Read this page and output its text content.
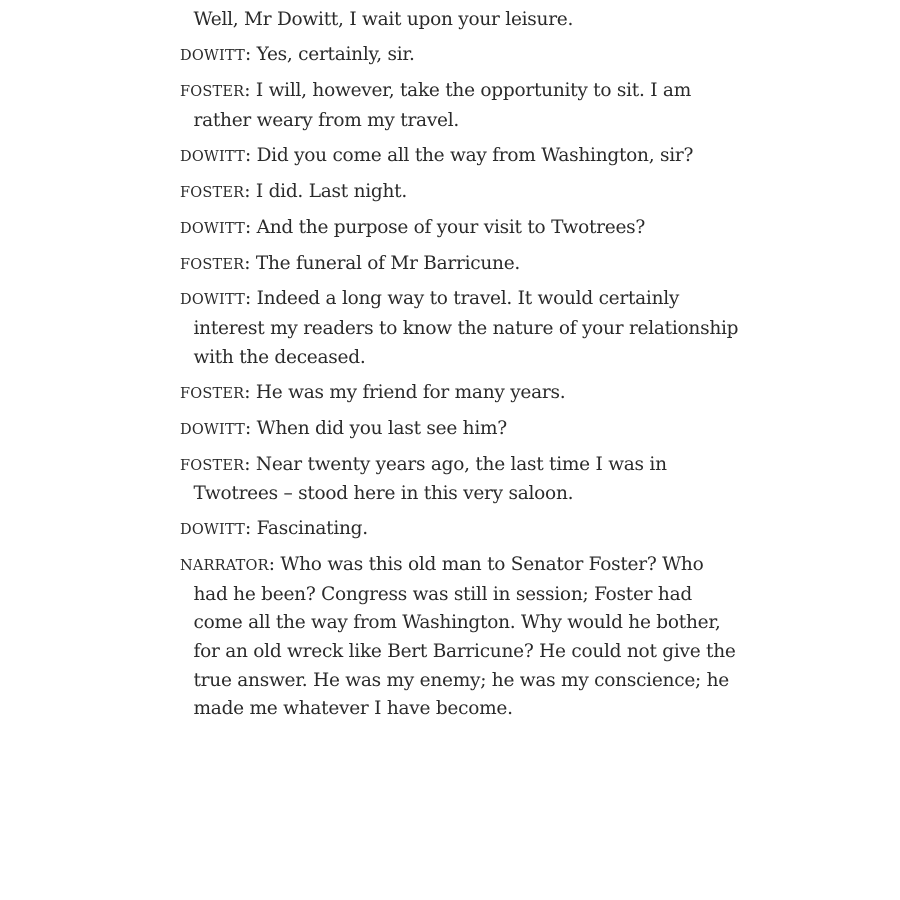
Well, Mr Dowitt, I wait upon your leisure.

DOWITT: Yes, certainly, sir.

FOSTER: I will, however, take the opportunity to sit. I am rather weary from my travel.

DOWITT: Did you come all the way from Washington, sir?

FOSTER: I did. Last night.

DOWITT: And the purpose of your visit to Twotrees?

FOSTER: The funeral of Mr Barricune.

DOWITT: Indeed a long way to travel. It would certainly interest my readers to know the nature of your relationship with the deceased.

FOSTER: He was my friend for many years.

DOWITT: When did you last see him?

FOSTER: Near twenty years ago, the last time I was in Twotrees – stood here in this very saloon.

DOWITT: Fascinating.

NARRATOR: Who was this old man to Senator Foster? Who had he been? Congress was still in session; Foster had come all the way from Washington. Why would he bother, for an old wreck like Bert Barricune? He could not give the true answer. He was my enemy; he was my conscience; he made me whatever I have become.
